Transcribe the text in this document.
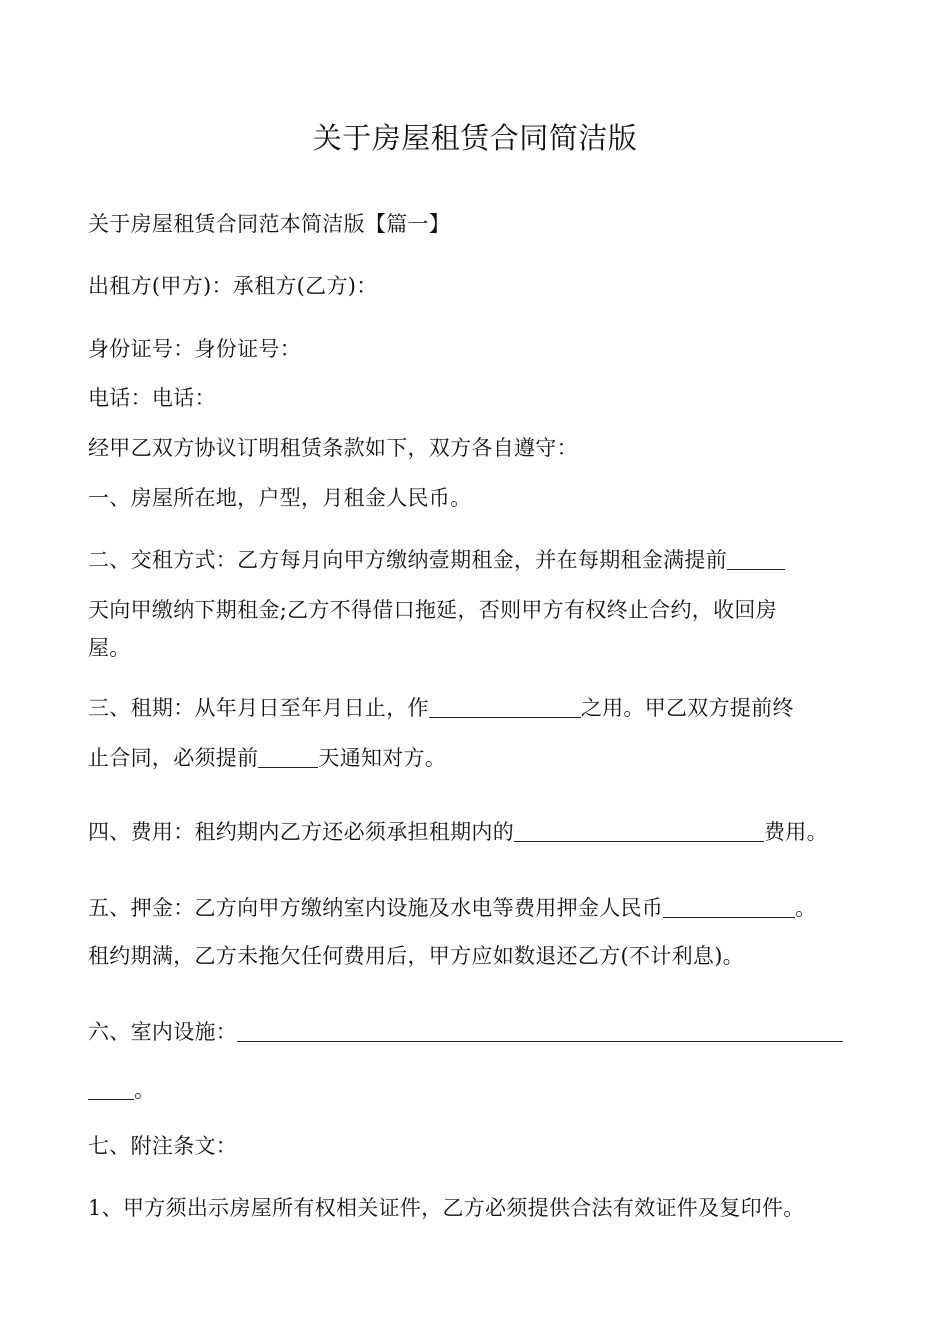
关于房屋租赁合同简洁版
关于房屋租赁合同范本简洁版【篇一】
出租方(甲方)：承租方(乙方)：
身份证号：身份证号：
电话：电话：
经甲乙双方协议订明租赁条款如下，双方各自遵守：
一、房屋所在地，户型，月租金人民币。
二、交租方式：乙方每月向甲方缴纳壹期租金，并在每期租金满提前
天向甲缴纳下期租金;乙方不得借口拖延，否则甲方有权终止合约，收回房
屋。
三、租期：从年月日至年月日止，作	之用。甲乙双方提前终
止合同，必须提前	天通知对方。
四、费用：租约期内乙方还必须承担租期内的	费用。
五、押金：乙方向甲方缴纳室内设施及水电等费用押金人民币	。
租约期满，乙方未拖欠任何费用后，甲方应如数退还乙方(不计利息)。
六、室内设施：
。
七、附注条文：
1、甲方须出示房屋所有权相关证件，乙方必须提供合法有效证件及复印件。
